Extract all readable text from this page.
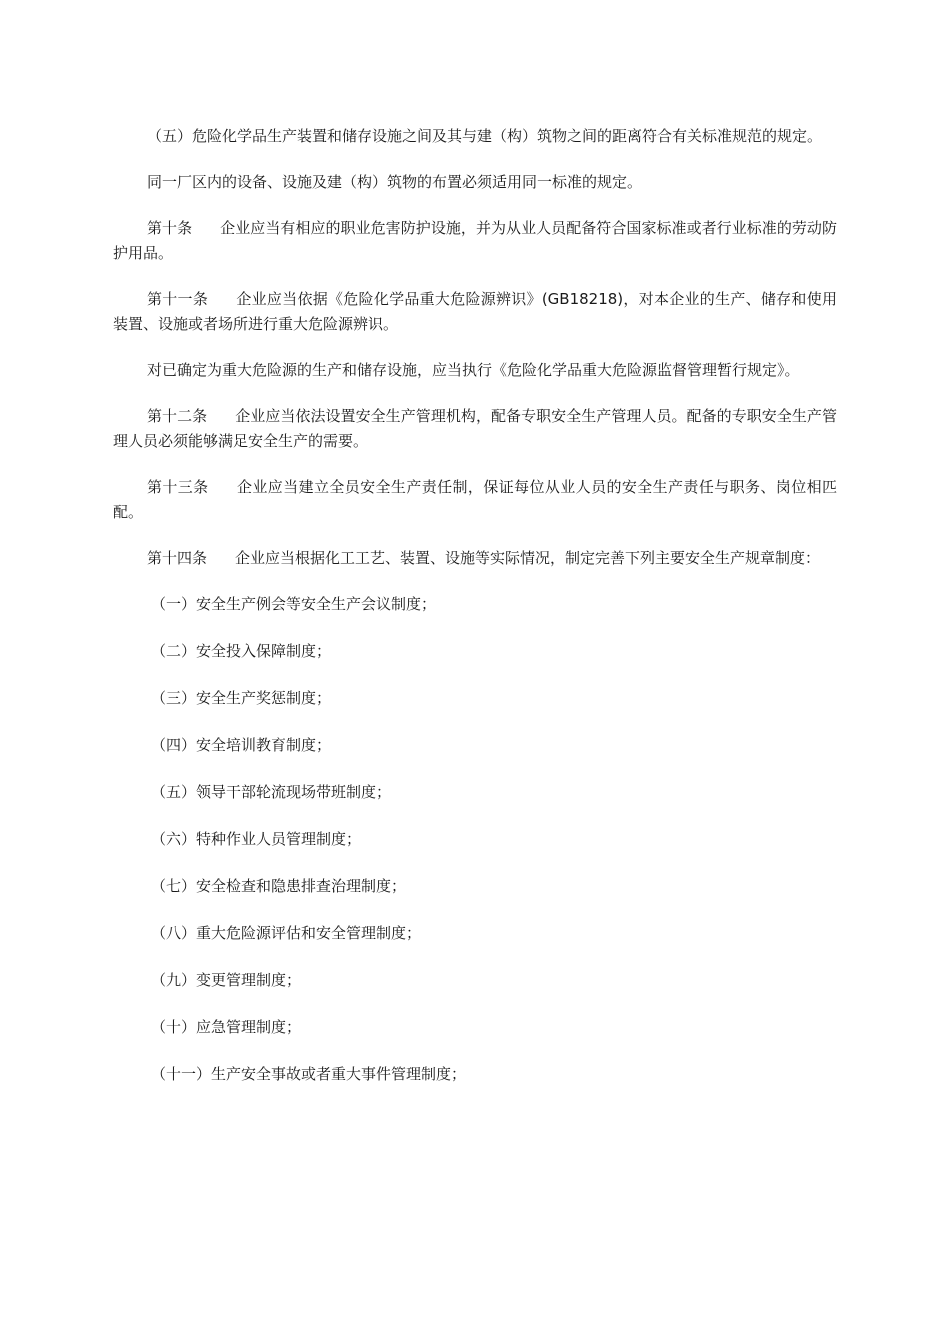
（五）危险化学品生产装置和储存设施之间及其与建（构）筑物之间的距离符合有关标准规范的规定。

同一厂区内的设备、设施及建（构）筑物的布置必须适用同一标准的规定。

第十条 企业应当有相应的职业危害防护设施，并为从业人员配备符合国家标准或者行业标准的劳动防护用品。

第十一条 企业应当依据《危险化学品重大危险源辨识》(GB18218)，对本企业的生产、储存和使用装置、设施或者场所进行重大危险源辨识。

对已确定为重大危险源的生产和储存设施，应当执行《危险化学品重大危险源监督管理暂行规定》。

第十二条 企业应当依法设置安全生产管理机构，配备专职安全生产管理人员。配备的专职安全生产管理人员必须能够满足安全生产的需要。

第十三条 企业应当建立全员安全生产责任制，保证每位从业人员的安全生产责任与职务、岗位相匹配。

第十四条 企业应当根据化工工艺、装置、设施等实际情况，制定完善下列主要安全生产规章制度：

（一）安全生产例会等安全生产会议制度；
（二）安全投入保障制度；
（三）安全生产奖惩制度；
（四）安全培训教育制度；
（五）领导干部轮流现场带班制度；
（六）特种作业人员管理制度；
（七）安全检查和隐患排查治理制度；
（八）重大危险源评估和安全管理制度；
（九）变更管理制度；
（十）应急管理制度；
（十一）生产安全事故或者重大事件管理制度；
